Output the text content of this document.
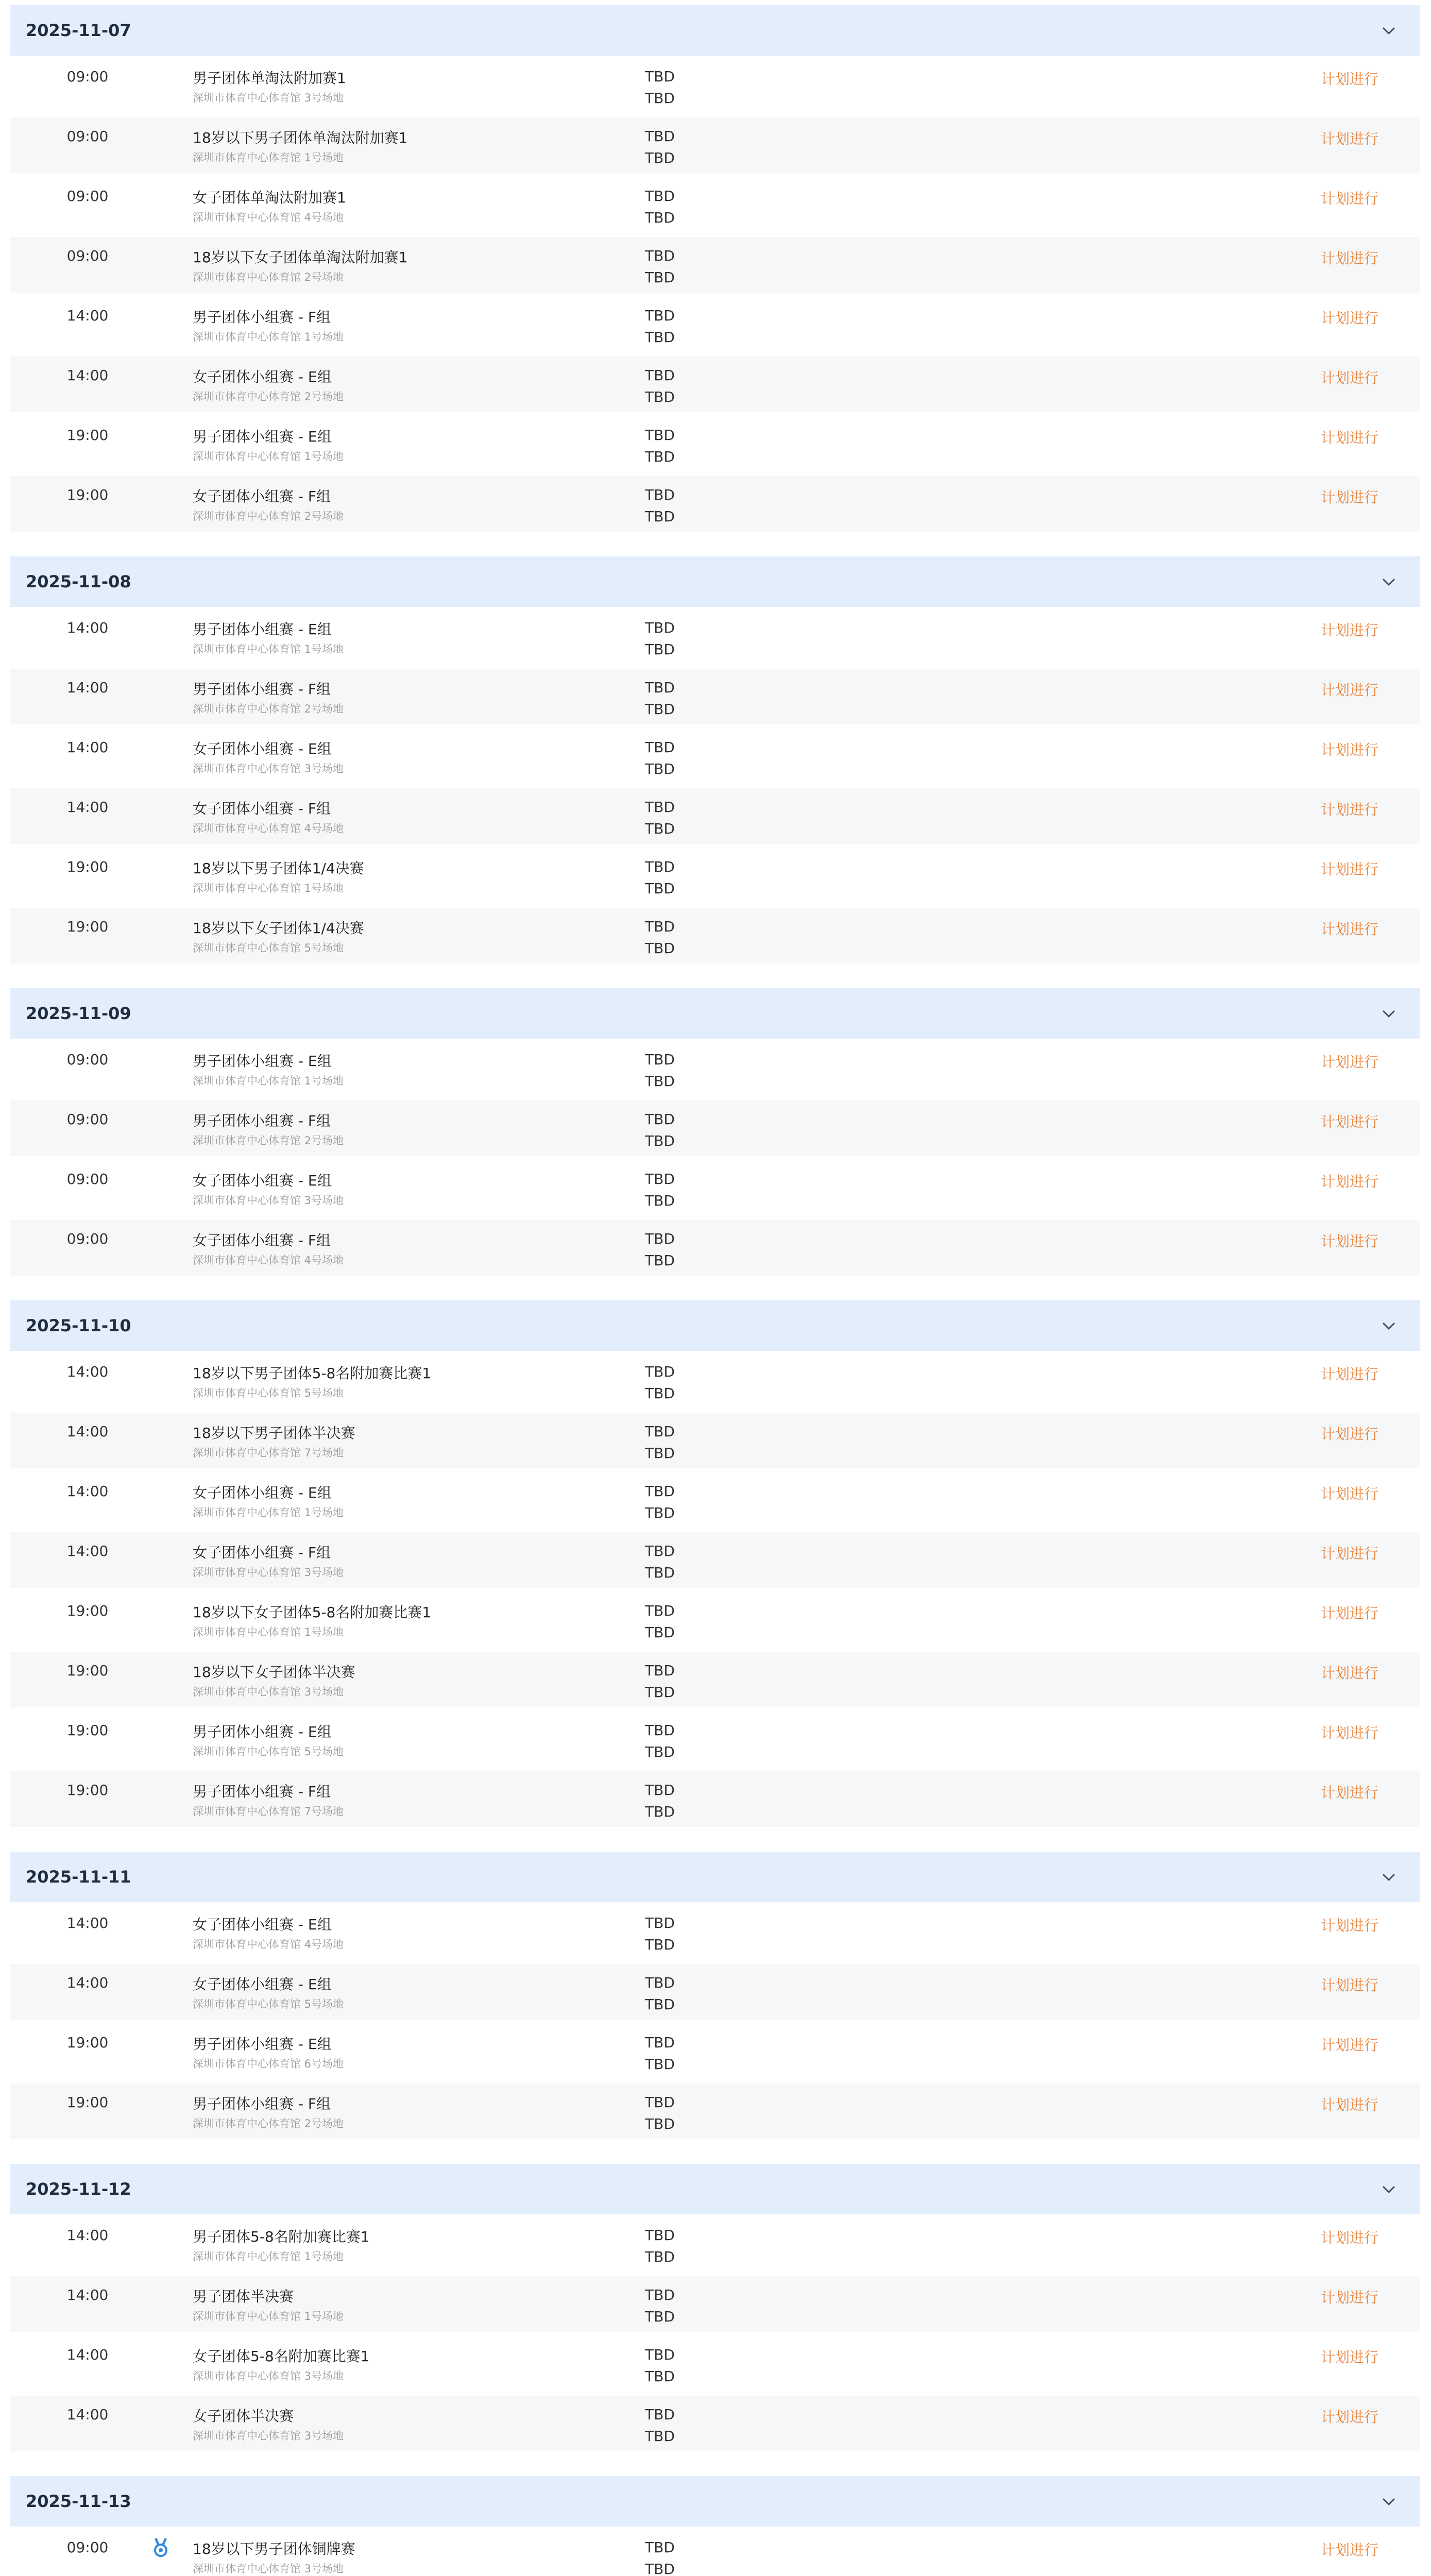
2025-11-07
09:00	男子团体单淘汰附加赛1
深圳市体育中心体育馆 3号场地
TBD
TBD
计划进行
09:00	18岁以下男子团体单淘汰附加赛1
深圳市体育中心体育馆 1号场地
TBD
TBD
计划进行
09:00	女子团体单淘汰附加赛1
深圳市体育中心体育馆 4号场地
TBD
TBD
计划进行
09:00	18岁以下女子团体单淘汰附加赛1
深圳市体育中心体育馆 2号场地
TBD
TBD
计划进行
14:00	男子团体小组赛 - F组
深圳市体育中心体育馆 1号场地
TBD
TBD
计划进行
14:00	女子团体小组赛 - E组
深圳市体育中心体育馆 2号场地
TBD
TBD
计划进行
19:00	男子团体小组赛 - E组
深圳市体育中心体育馆 1号场地
TBD
TBD
计划进行
19:00	女子团体小组赛 - F组
深圳市体育中心体育馆 2号场地
TBD
TBD
计划进行
2025-11-08
14:00	男子团体小组赛 - E组
深圳市体育中心体育馆 1号场地
TBD
TBD
计划进行
14:00	男子团体小组赛 - F组
深圳市体育中心体育馆 2号场地
TBD
TBD
计划进行
14:00	女子团体小组赛 - E组
深圳市体育中心体育馆 3号场地
TBD
TBD
计划进行
14:00	女子团体小组赛 - F组
深圳市体育中心体育馆 4号场地
TBD
TBD
计划进行
19:00	18岁以下男子团体1/4决赛
深圳市体育中心体育馆 1号场地
TBD
TBD
计划进行
19:00	18岁以下女子团体1/4决赛
深圳市体育中心体育馆 5号场地
TBD
TBD
计划进行
2025-11-09
09:00	男子团体小组赛 - E组
深圳市体育中心体育馆 1号场地
TBD
TBD
计划进行
09:00	男子团体小组赛 - F组
深圳市体育中心体育馆 2号场地
TBD
TBD
计划进行
09:00	女子团体小组赛 - E组
深圳市体育中心体育馆 3号场地
TBD
TBD
计划进行
09:00	女子团体小组赛 - F组
深圳市体育中心体育馆 4号场地
TBD
TBD
计划进行
2025-11-10
14:00	18岁以下男子团体5-8名附加赛比赛1
深圳市体育中心体育馆 5号场地
TBD
TBD
计划进行
14:00	18岁以下男子团体半决赛
深圳市体育中心体育馆 7号场地
TBD
TBD
计划进行
14:00	女子团体小组赛 - E组
深圳市体育中心体育馆 1号场地
TBD
TBD
计划进行
14:00	女子团体小组赛 - F组
深圳市体育中心体育馆 3号场地
TBD
TBD
计划进行
19:00	18岁以下女子团体5-8名附加赛比赛1
深圳市体育中心体育馆 1号场地
TBD
TBD
计划进行
19:00	18岁以下女子团体半决赛
深圳市体育中心体育馆 3号场地
TBD
TBD
计划进行
19:00	男子团体小组赛 - E组
深圳市体育中心体育馆 5号场地
TBD
TBD
计划进行
19:00	男子团体小组赛 - F组
深圳市体育中心体育馆 7号场地
TBD
TBD
计划进行
2025-11-11
14:00	女子团体小组赛 - E组
深圳市体育中心体育馆 4号场地
TBD
TBD
计划进行
14:00	女子团体小组赛 - E组
深圳市体育中心体育馆 5号场地
TBD
TBD
计划进行
19:00	男子团体小组赛 - E组
深圳市体育中心体育馆 6号场地
TBD
TBD
计划进行
19:00	男子团体小组赛 - F组
深圳市体育中心体育馆 2号场地
TBD
TBD
计划进行
2025-11-12
14:00	男子团体5-8名附加赛比赛1
深圳市体育中心体育馆 1号场地
TBD
TBD
计划进行
14:00	男子团体半决赛
深圳市体育中心体育馆 1号场地
TBD
TBD
计划进行
14:00	女子团体5-8名附加赛比赛1
深圳市体育中心体育馆 3号场地
TBD
TBD
计划进行
14:00	女子团体半决赛
深圳市体育中心体育馆 3号场地
TBD
TBD
计划进行
2025-11-13
09:00	18岁以下男子团体铜牌赛
深圳市体育中心体育馆 3号场地
TBD
TBD
计划进行
